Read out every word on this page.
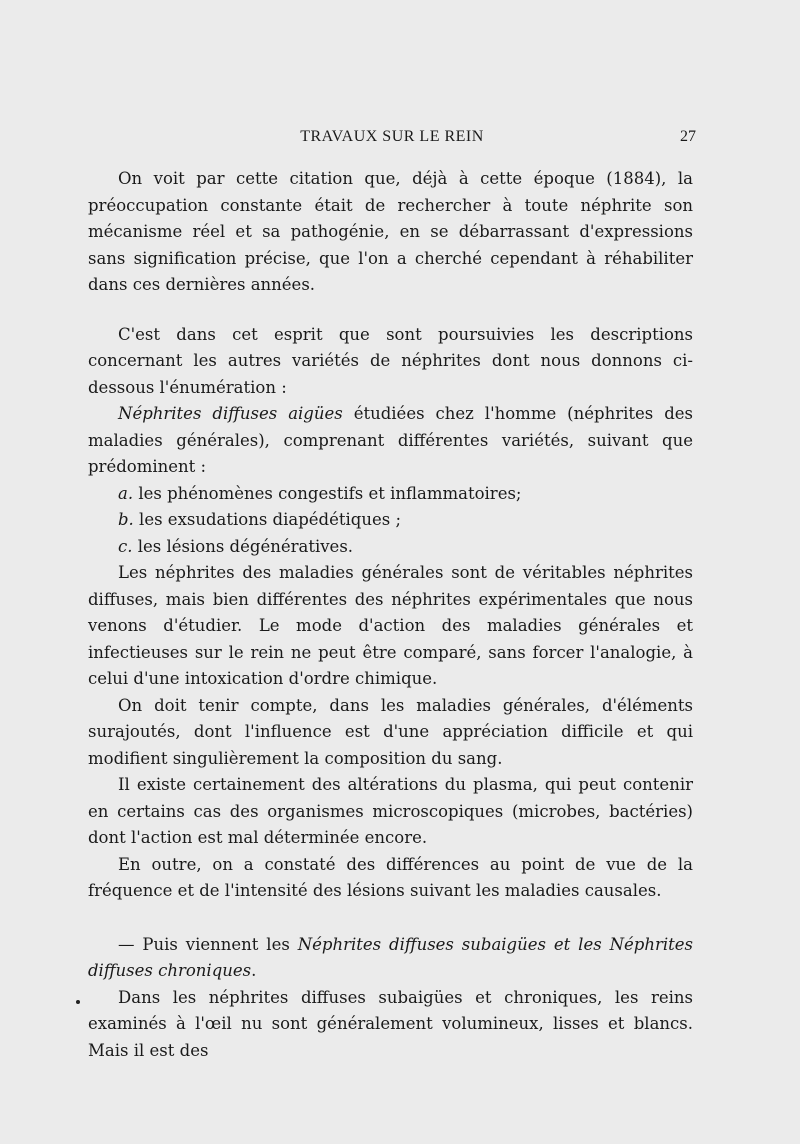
TRAVAUX SUR LE REIN	27

On voit par cette citation que, déjà à cette époque (1884), la préoccupation constante était de rechercher à toute néphrite son mécanisme réel et sa pathogénie, en se débarrassant d'expressions sans signification précise, que l'on a cherché cependant à réhabiliter dans ces dernières années.

C'est dans cet esprit que sont poursuivies les descriptions concernant les autres variétés de néphrites dont nous donnons ci-dessous l'énumération :

Néphrites diffuses aigües étudiées chez l'homme (néphrites des maladies générales), comprenant différentes variétés, suivant que prédominent :

a. les phénomènes congestifs et inflammatoires;

b. les exsudations diapédétiques ;

c. les lésions dégénératives.

Les néphrites des maladies générales sont de véritables néphrites diffuses, mais bien différentes des néphrites expérimentales que nous venons d'étudier. Le mode d'action des maladies générales et infectieuses sur le rein ne peut être comparé, sans forcer l'analogie, à celui d'une intoxication d'ordre chimique.

On doit tenir compte, dans les maladies générales, d'éléments surajoutés, dont l'influence est d'une appréciation difficile et qui modifient singulièrement la composition du sang.

Il existe certainement des altérations du plasma, qui peut contenir en certains cas des organismes microscopiques (microbes, bactéries) dont l'action est mal déterminée encore.

En outre, on a constaté des différences au point de vue de la fréquence et de l'intensité des lésions suivant les maladies causales.

— Puis viennent les Néphrites diffuses subaigües et les Néphrites diffuses chroniques.

Dans les néphrites diffuses subaigües et chroniques, les reins examinés à l'œil nu sont généralement volumineux, lisses et blancs. Mais il est des
